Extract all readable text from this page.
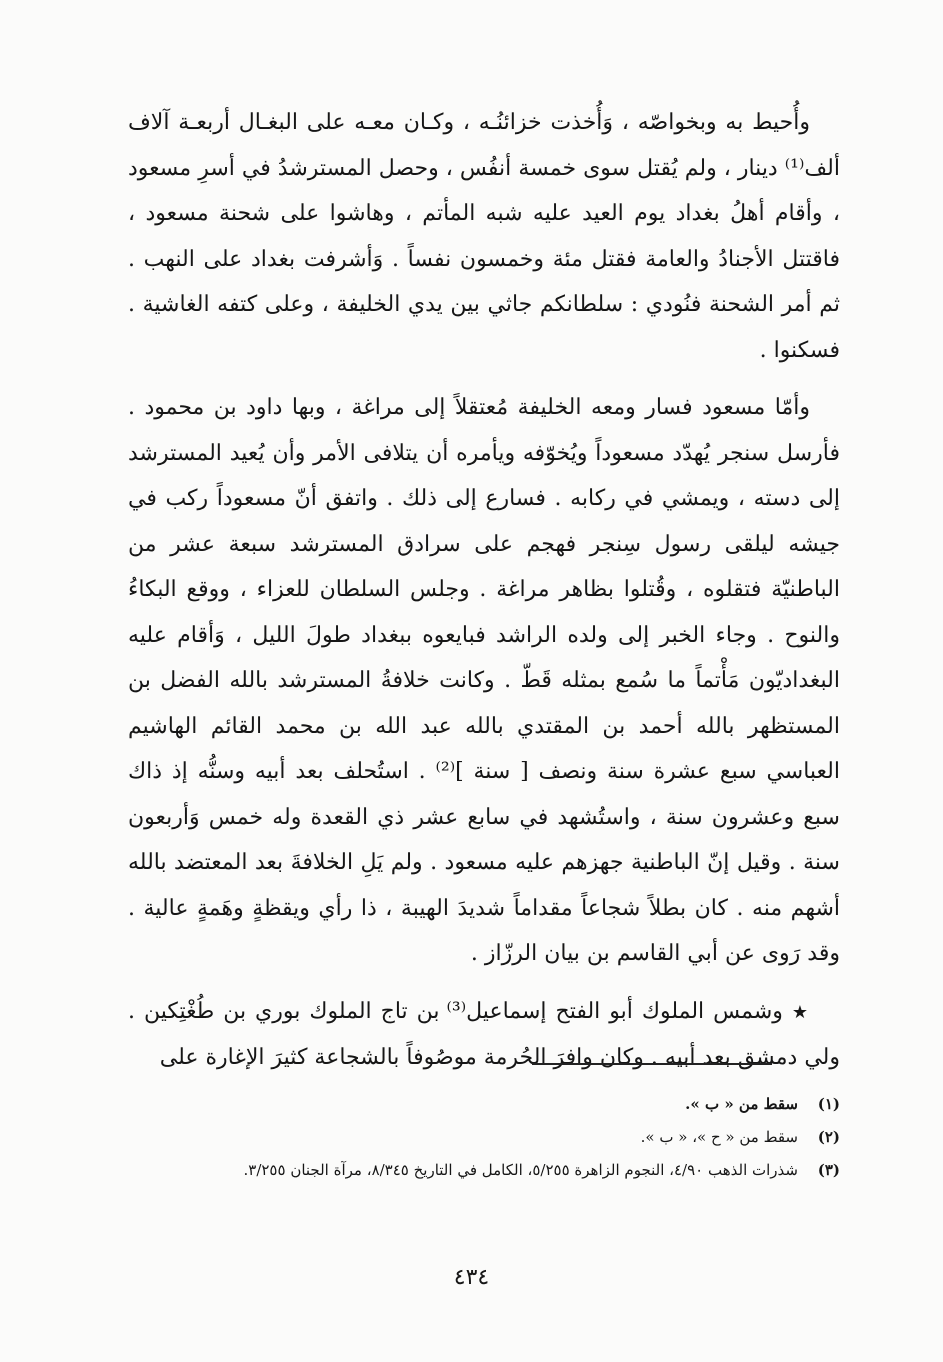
وأُحيط به وبخواصّه ، وَأُخذت خزائنُـه ، وكـان معـه على البغـال أربعـة آلاف ألف⁽¹⁾ دينار ، ولم يُقتل سوى خمسة أنفُس ، وحصل المسترشدُ في أسرِ مسعود ، وأقام أهلُ بغداد يوم العيد عليه شبه المأتم ، وهاشوا على شحنة مسعود ، فاقتتل الأجنادُ والعامة فقتل مئة وخمسون نفساً . وَأشرفت بغداد على النهب . ثم أمر الشحنة فنُودي : سلطانكم جاثي بين يدي الخليفة ، وعلى كتفه الغاشية . فسكنوا .

وأمّا مسعود فسار ومعه الخليفة مُعتقلاً إلى مراغة ، وبها داود بن محمود . فأرسل سنجر يُهدّد مسعوداً ويُخوّفه ويأمره أن يتلافى الأمر وأن يُعيد المسترشد إلى دسته ، ويمشي في ركابه . فسارع إلى ذلك . واتفق أنّ مسعوداً ركب في جيشه ليلقى رسول سِنجر فهجم على سرادق المسترشد سبعة عشر من الباطنيّة فتقلوه ، وقُتلوا بظاهر مراغة . وجلس السلطان للعزاء ، ووقع البكاءُ والنوح . وجاء الخبر إلى ولده الراشد فبايعوه ببغداد طولَ الليل ، وَأقام عليه البغداديّون مَأْتماً ما سُمع بمثله قَطّ . وكانت خلافةُ المسترشد بالله الفضل بن المستظهر بالله أحمد بن المقتدي بالله عبد الله بن محمد القائم الهاشيم العباسي سبع عشرة سنة ونصف [ سنة ]⁽²⁾ . استُحلف بعد أبيه وسنُّه إذ ذاك سبع وعشرون سنة ، واستُشهد في سابع عشر ذي القعدة وله خمس وَأربعون سنة . وقيل إنّ الباطنية جهزهم عليه مسعود . ولم يَلِ الخلافةَ بعد المعتضد بالله أشهم منه . كان بطلاً شجاعاً مقداماً شديدَ الهيبة ، ذا رأي ويقظةٍ وهَمةٍ عالية . وقد رَوى عن أبي القاسم بن بيان الرزّاز .

★ وشمس الملوك أبو الفتح إسماعيل⁽³⁾ بن تاج الملوك بوري بن طُغْتِكين . ولي دمشق بعد أبيه . وكان وافرَ الحُرمة موصُوفاً بالشجاعة كثيرَ الإغارة على

(١)
سقط من « ب ».
(٢)
سقط من « ح »، « ب ».
(٣)
شذرات الذهب ٤/٩٠، النجوم الزاهرة ٥/٢٥٥، الكامل في التاريخ ٨/٣٤٥، مرآة الجنان ٣/٢٥٥.
٤٣٤
